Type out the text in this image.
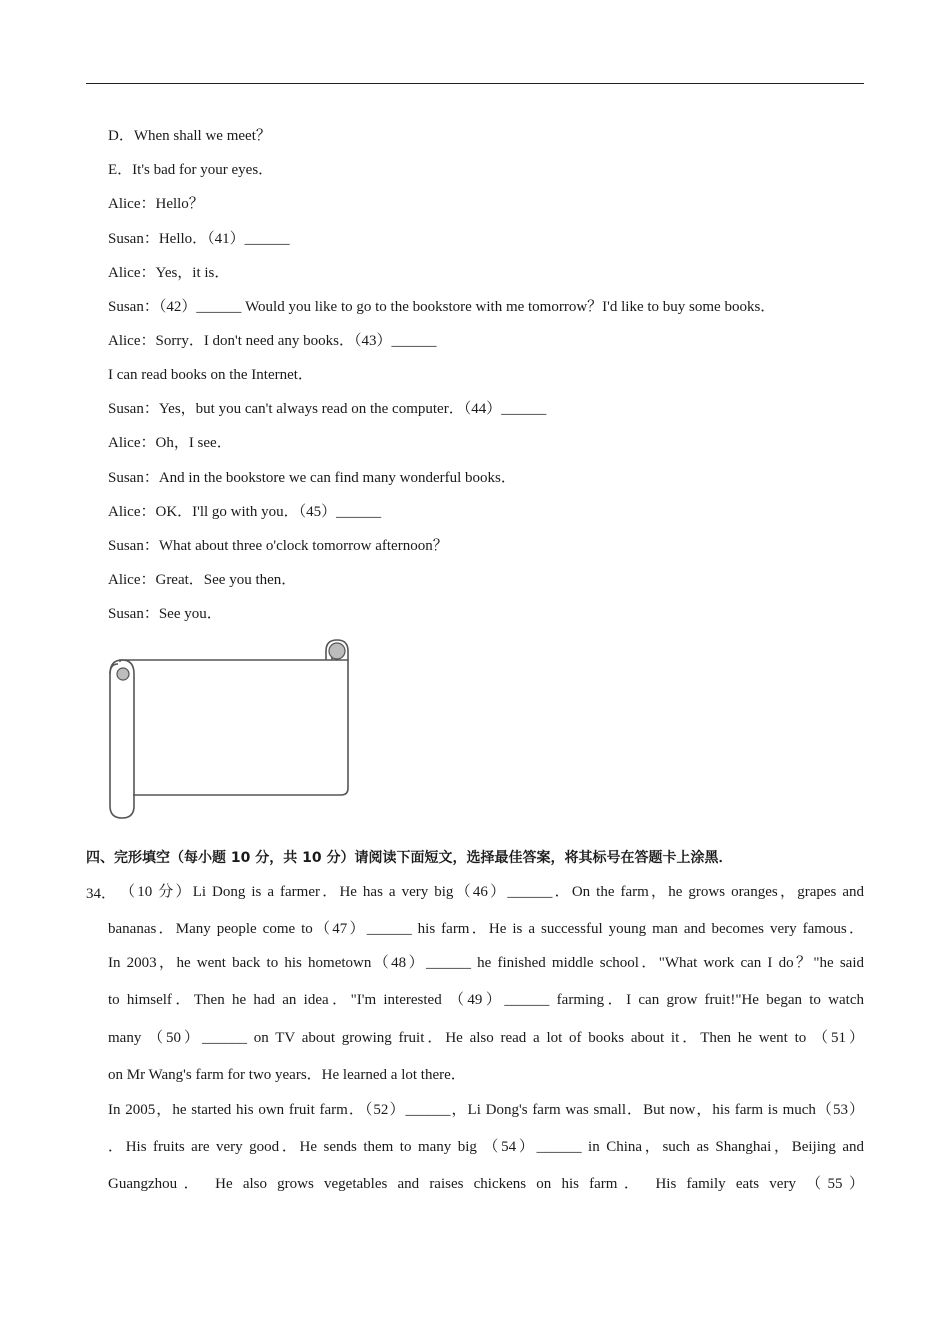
D．When shall we meet？
E．It's bad for your eyes．
Alice：Hello？
Susan：Hello．（41）______
Alice：Yes，it is．
Susan：（42）______ Would you like to go to the bookstore with me tomorrow？I'd like to buy some books．
Alice：Sorry．I don't need any books．（43）______
I can read books on the Internet．
Susan：Yes，but you can't always read on the computer．（44）______
Alice：Oh，I see．
Susan：And in the bookstore we can find many wonderful books．
Alice：OK．I'll go with you．（45）______
Susan：What about three o'clock tomorrow afternoon？
Alice：Great．See you then．
Susan：See you．
四、完形填空（每小题 10 分，共 10 分）请阅读下面短文，选择最佳答案，将其标号在答题卡上涂黑．
34． （10 分）Li Dong is a farmer．He has a very big（46）______．On the farm，he grows oranges，grapes and
bananas．Many people come to（47）______ his farm．He is a successful young man and becomes very famous．
In 2003，he went back to his hometown（48）______ he finished middle school．"What work can I do？"he said
to himself．Then he had an idea．"I'm interested （49）______ farming．I can grow fruit!"He began to watch
many （50）______ on TV about growing fruit．He also read a lot of books about it．Then he went to （51）
on Mr Wang's farm for two years．He learned a lot there．
In 2005，he started his own fruit farm．（52）______，Li Dong's farm was small．But now，his farm is much（53）
．His fruits are very good．He sends them to many big （54）______ in China，such as Shanghai，Beijing and
Guangzhou． He also grows vegetables and raises chickens on his farm． His family eats very （55）
